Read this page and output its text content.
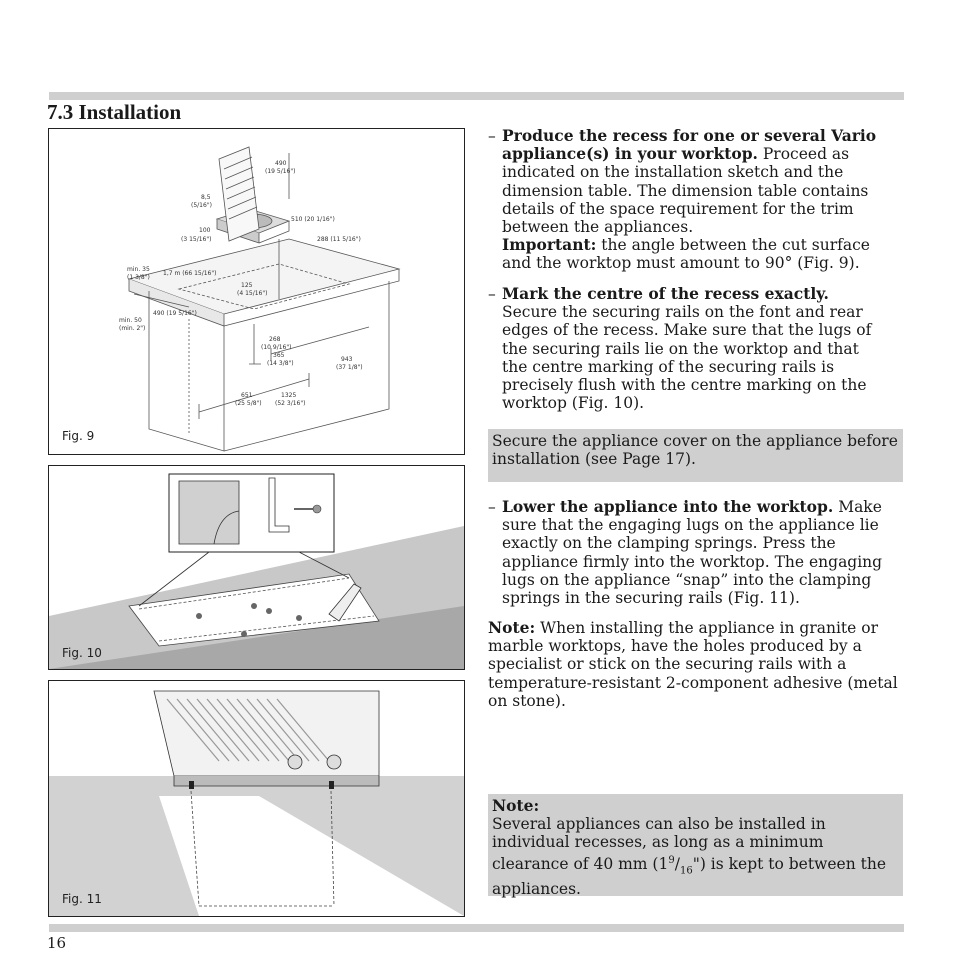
7.3 Installation
490
(19 5/16")
8,5
(5/16")
510 (20 1/16")
100
(3 15/16")	288 (11 5/16")
min. 35
(1 3/8")
1,7 m (66 15/16")
125
(4 15/16")
min. 50
(min. 2")
490 (19 5/16")
268
(10 9/16")
365
(14 3/8")
943
(37 1/8")
651
(25 5/8")
1325
(52 3/16")
Fig. 9
Fig. 10
Fig. 11
– Produce the recess for one or several Vario appliance(s) in your worktop. Proceed as indicated on the installation sketch and the dimension table. The dimension table contains details of the space requirement for the trim between the appliances.
Important: the angle between the cut surface and the worktop must amount to 90° (Fig. 9).
– Mark the centre of the recess exactly. Secure the securing rails on the font and rear edges of the recess. Make sure that the lugs of the securing rails lie on the worktop and that the centre marking of the securing rails is precisely flush with the centre marking on the worktop (Fig. 10).
Secure the appliance cover on the appliance before installation (see Page 17).
– Lower the appliance into the worktop. Make sure that the engaging lugs on the appliance lie exactly on the clamping springs. Press the appliance firmly into the worktop. The engaging lugs on the appliance “snap” into the clamping springs in the securing rails (Fig. 11).
Note: When installing the appliance in granite or marble worktops, have the holes produced by a specialist or stick on the securing rails with a temperature-resistant 2-component adhesive (metal on stone).
Note:
Several appliances can also be installed in individual recesses, as long as a minimum clearance of 40 mm $(1^9/_{16}")$ is kept to between the appliances.
16
